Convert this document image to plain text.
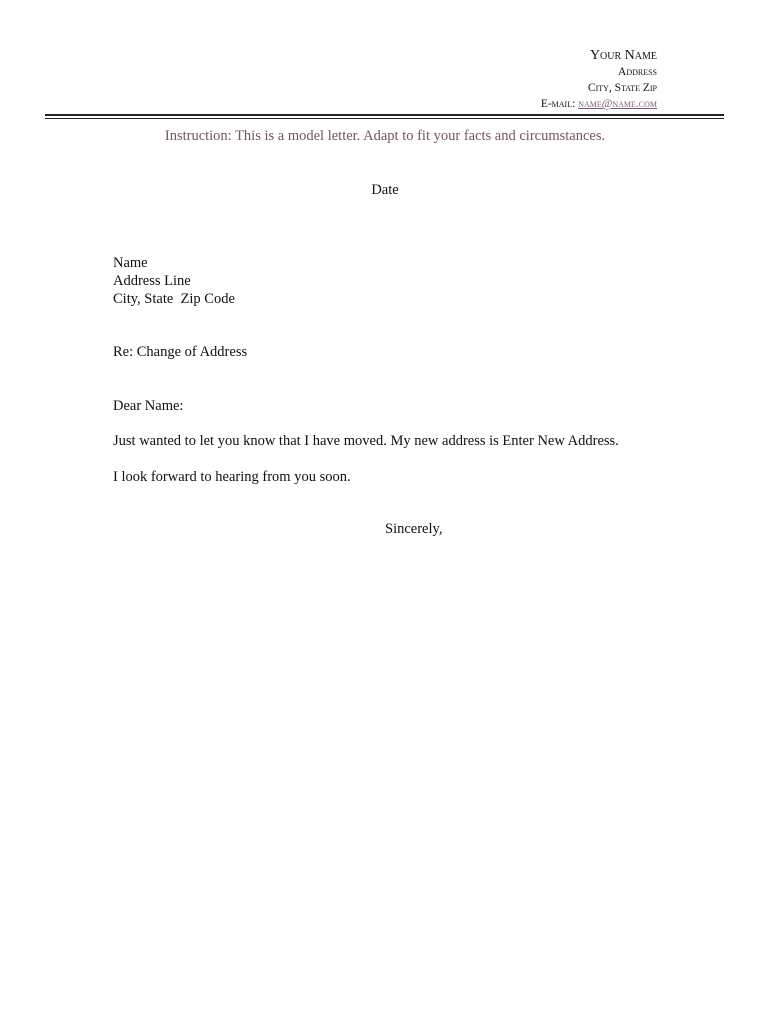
Your Name
Address
City, State Zip
E-mail: name@name.com
Instruction: This is a model letter. Adapt to fit your facts and circumstances.
Date
Name
Address Line
City, State  Zip Code
Re: Change of Address
Dear Name:
Just wanted to let you know that I have moved. My new address is Enter New Address.
I look forward to hearing from you soon.
Sincerely,
